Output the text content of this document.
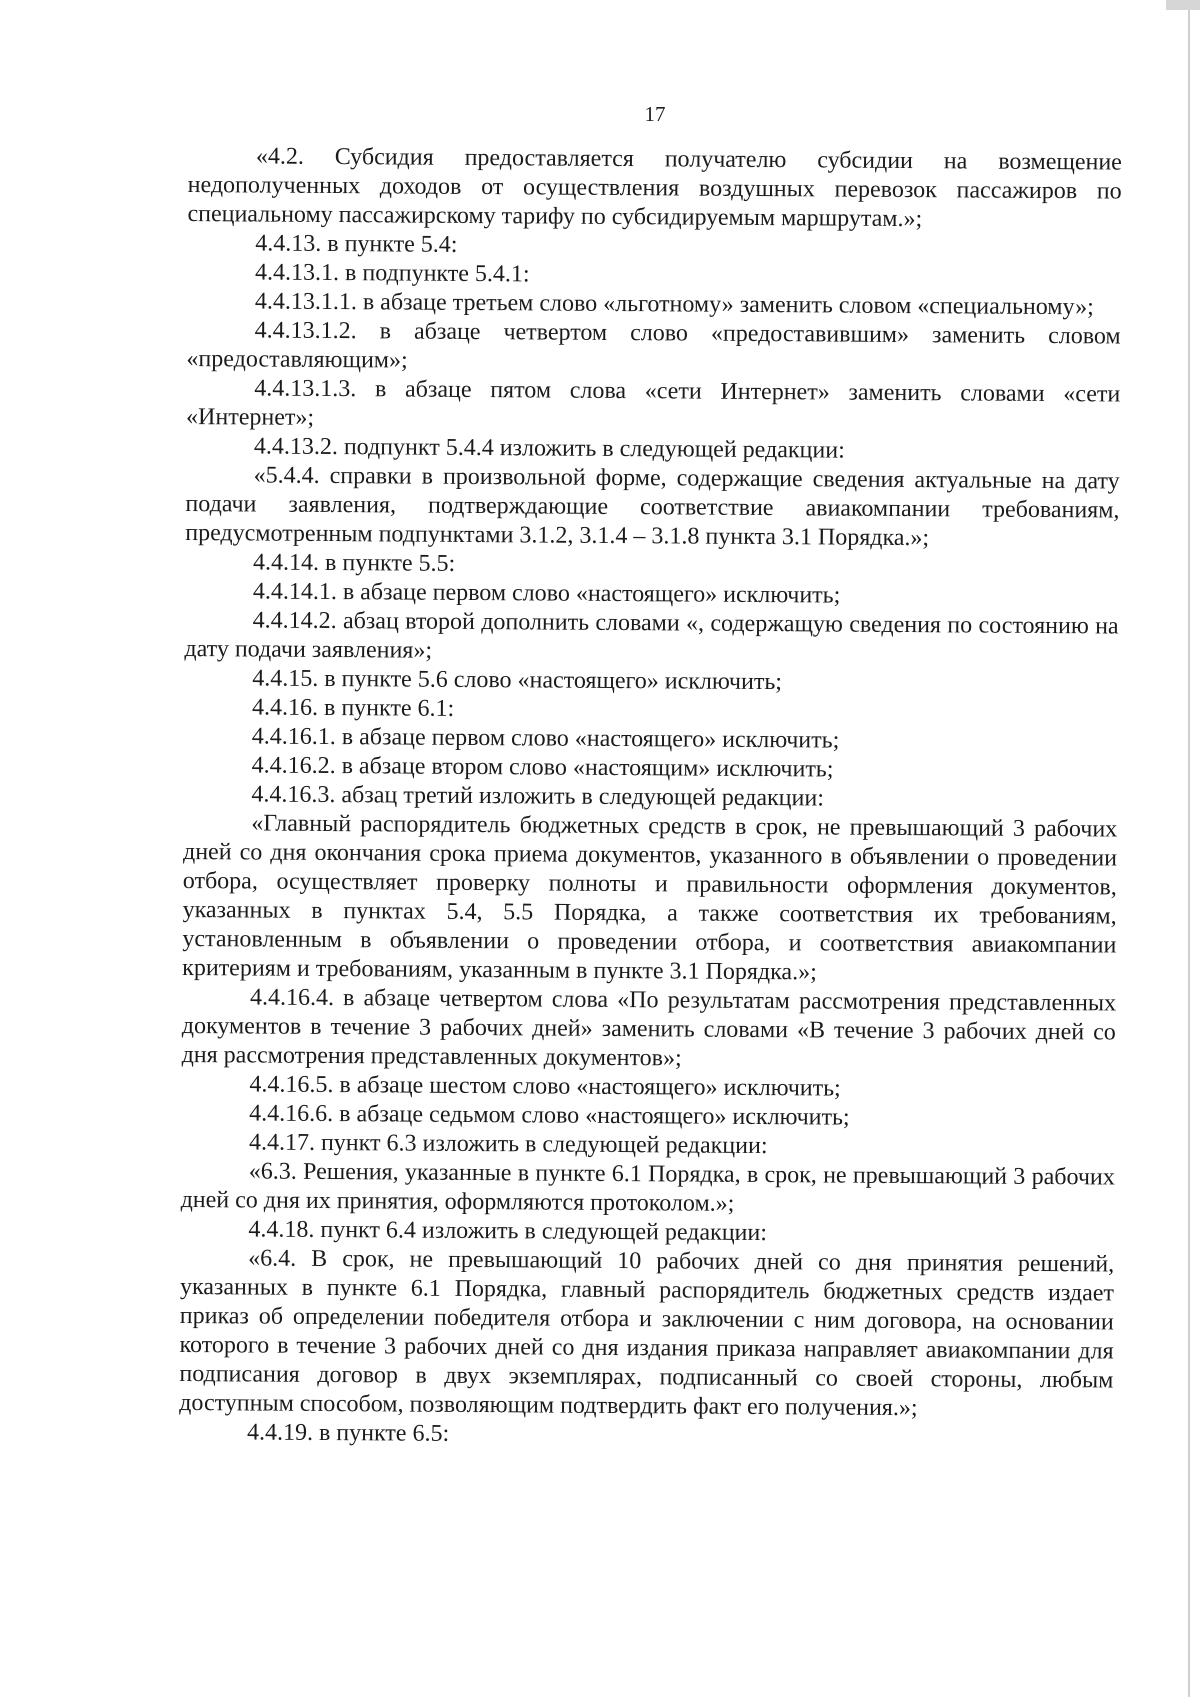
17

«4.2. Субсидия предоставляется получателю субсидии на возмещение недополученных доходов от осуществления воздушных перевозок пассажиров по специальному пассажирскому тарифу по субсидируемым маршрутам.»;

4.4.13. в пункте 5.4:

4.4.13.1. в подпункте 5.4.1:

4.4.13.1.1. в абзаце третьем слово «льготному» заменить словом «специальному»;

4.4.13.1.2. в абзаце четвертом слово «предоставившим» заменить словом «предоставляющим»;

4.4.13.1.3. в абзаце пятом слова «сети Интернет» заменить словами «сети «Интернет»;

4.4.13.2. подпункт 5.4.4 изложить в следующей редакции:

«5.4.4. справки в произвольной форме, содержащие сведения актуальные на дату подачи заявления, подтверждающие соответствие авиакомпании требованиям, предусмотренным подпунктами 3.1.2, 3.1.4 – 3.1.8 пункта 3.1 Порядка.»;

4.4.14. в пункте 5.5:

4.4.14.1. в абзаце первом слово «настоящего» исключить;

4.4.14.2. абзац второй дополнить словами «, содержащую сведения по состоянию на дату подачи заявления»;

4.4.15. в пункте 5.6 слово «настоящего» исключить;

4.4.16. в пункте 6.1:

4.4.16.1. в абзаце первом слово «настоящего» исключить;

4.4.16.2. в абзаце втором слово «настоящим» исключить;

4.4.16.3. абзац третий изложить в следующей редакции:

«Главный распорядитель бюджетных средств в срок, не превышающий 3 рабочих дней со дня окончания срока приема документов, указанного в объявлении о проведении отбора, осуществляет проверку полноты и правильности оформления документов, указанных в пунктах 5.4, 5.5 Порядка, а также соответствия их требованиям, установленным в объявлении о проведении отбора, и соответствия авиакомпании критериям и требованиям, указанным в пункте 3.1 Порядка.»;

4.4.16.4. в абзаце четвертом слова «По результатам рассмотрения представленных документов в течение 3 рабочих дней» заменить словами «В течение 3 рабочих дней со дня рассмотрения представленных документов»;

4.4.16.5. в абзаце шестом слово «настоящего» исключить;

4.4.16.6. в абзаце седьмом слово «настоящего» исключить;

4.4.17. пункт 6.3 изложить в следующей редакции:

«6.3. Решения, указанные в пункте 6.1 Порядка, в срок, не превышающий 3 рабочих дней со дня их принятия, оформляются протоколом.»;

4.4.18. пункт 6.4 изложить в следующей редакции:

«6.4. В срок, не превышающий 10 рабочих дней со дня принятия решений, указанных в пункте 6.1 Порядка, главный распорядитель бюджетных средств издает приказ об определении победителя отбора и заключении с ним договора, на основании которого в течение 3 рабочих дней со дня издания приказа направляет авиакомпании для подписания договор в двух экземплярах, подписанный со своей стороны, любым доступным способом, позволяющим подтвердить факт его получения.»;

4.4.19. в пункте 6.5:
